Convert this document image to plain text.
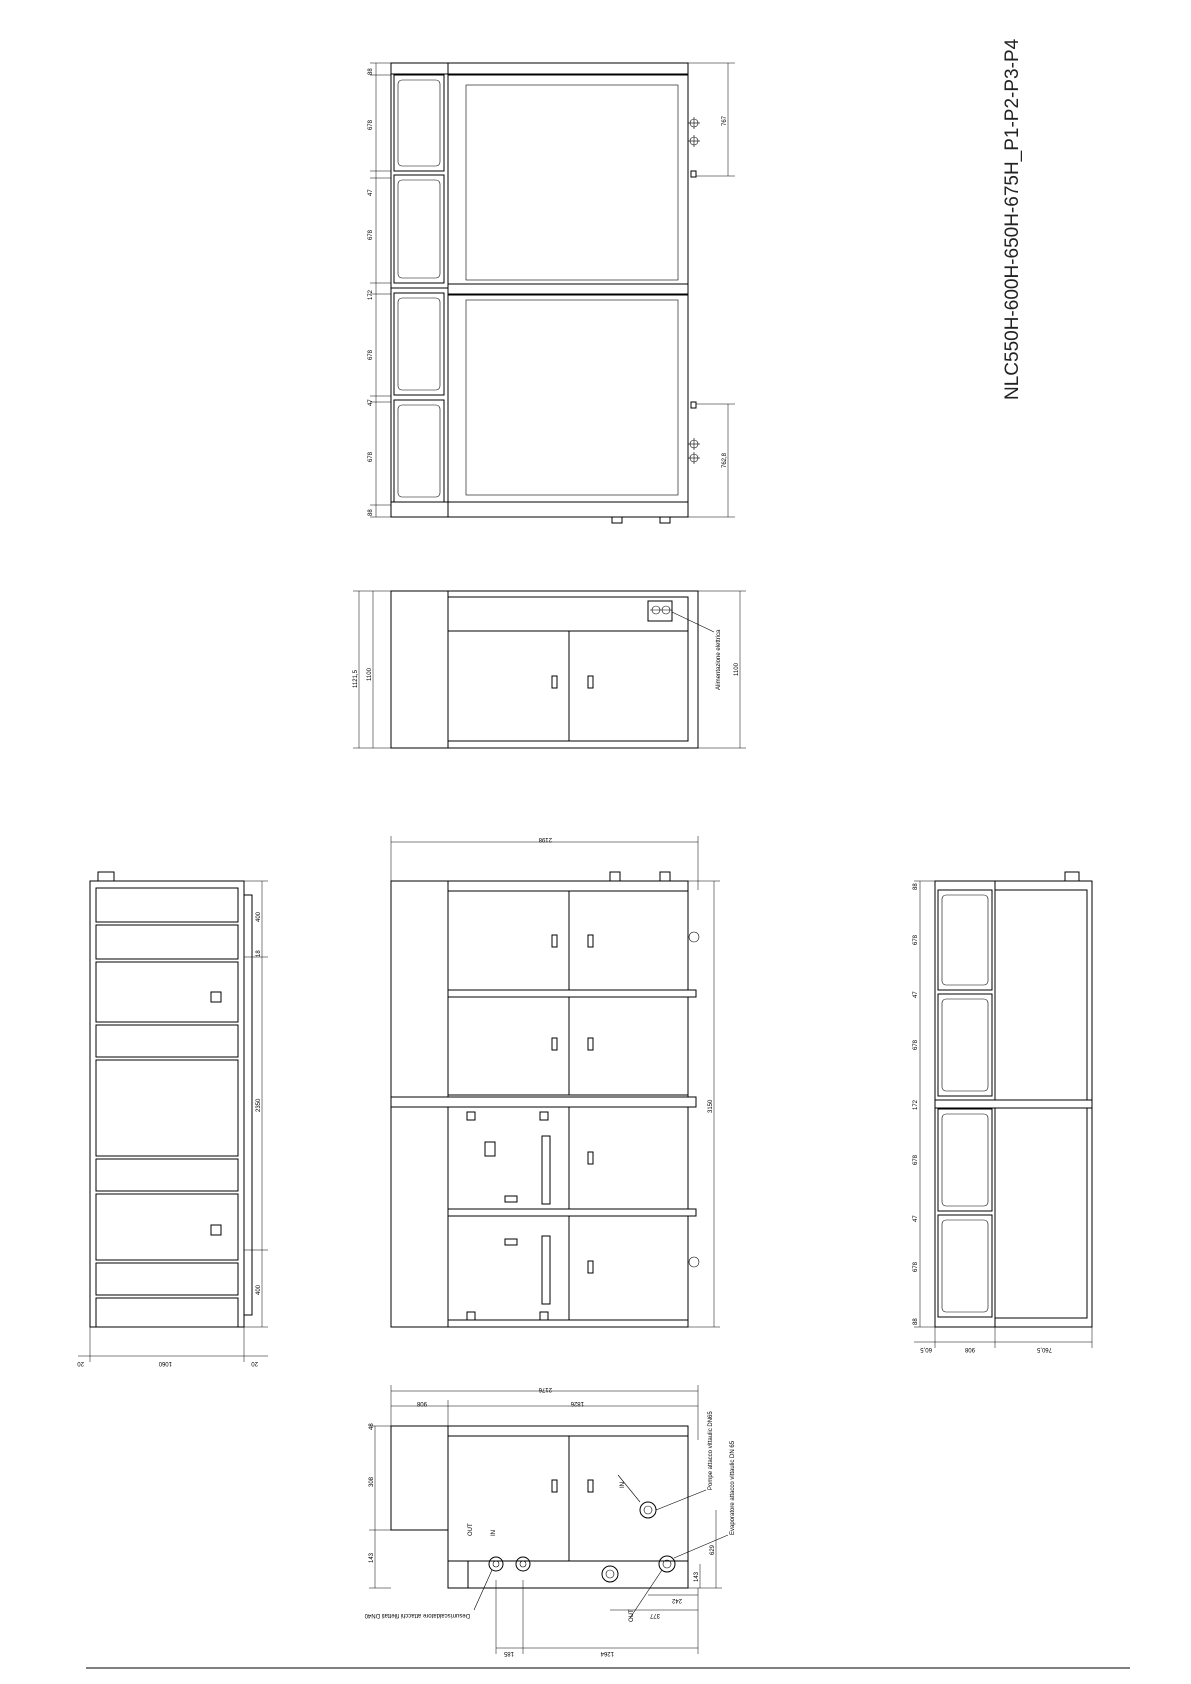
NLC550H-600H-650H-675H_P1-P2-P3-P4
88
678
47
678
172
678
47
678
88
767
762,8
Alimentazione elettrica
1121,5 1100	1100
2198
3150
400
18
2350
400
20	1060	20
88
678
47
678
172
678
47
678
88
60,5	908	760,5
48
908
2176
1826
IN
OUT	IN
OUT
Pompe attacco vittaulic DN65	Evaporatore attacco vittaulic DN 65
Desurriscaldatore attacchi filettati DN40
308
143
629
143
242
377
185	1264
